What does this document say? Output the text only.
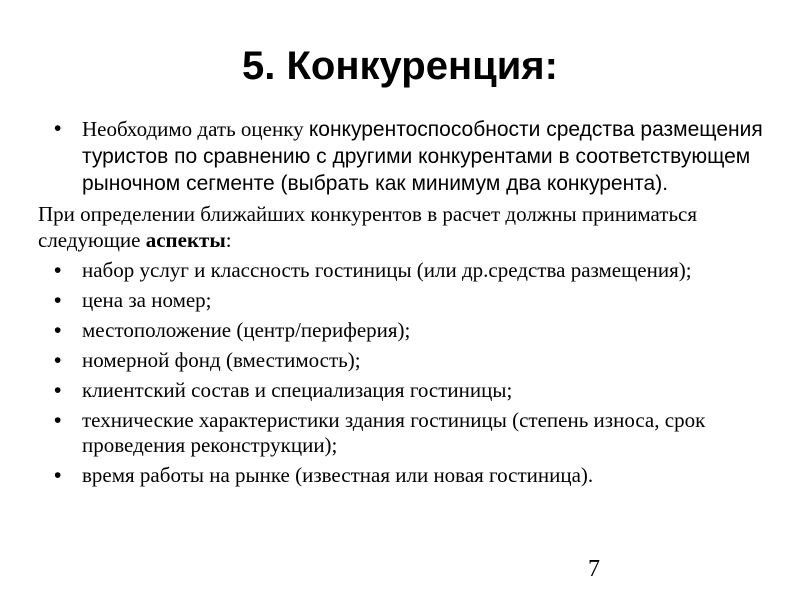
5. Конкуренция:
• Необходимо дать оценку конкурентоспособности средства размещения туристов по сравнению с другими конкурентами в соответствующем рыночном сегменте (выбрать как минимум два конкурента).
При определении ближайших конкурентов в расчет должны приниматься следующие аспекты:
• набор услуг и классность гостиницы (или др.средства размещения);
• цена за номер;
• местоположение (центр/периферия);
• номерной фонд (вместимость);
• клиентский состав и специализация гостиницы;
• технические характеристики здания гостиницы (степень износа, срок проведения реконструкции);
• время работы на рынке (известная или новая гостиница).
7
